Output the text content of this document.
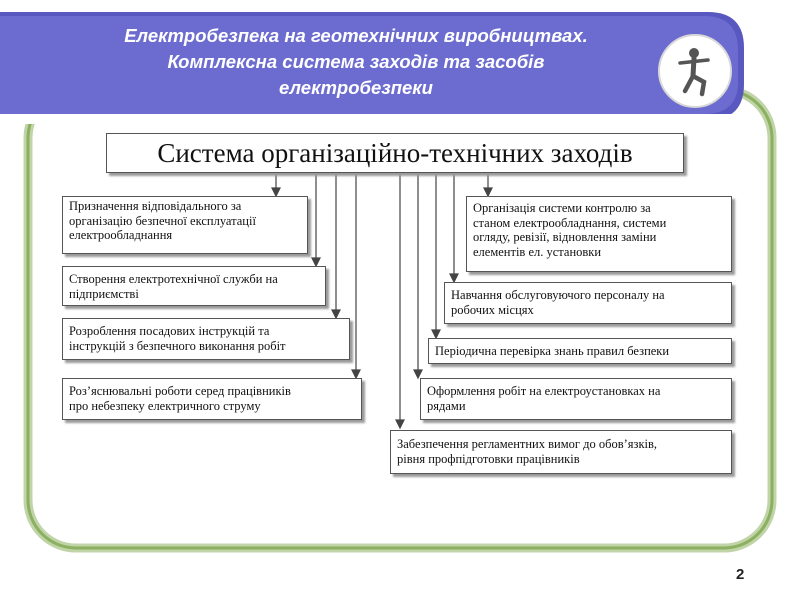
Електробезпека на геотехнічних виробництвах.
Комплексна система заходів та засобів
електробезпеки
Система організаційно-технічних заходів
Призначення відповідального за
організацію безпечної експлуатації
електрообладнання
Створення електротехнічної служби на
підприємстві
Розроблення посадових інструкцій та
інструкцій з безпечного виконання робіт
Роз’яснювальні роботи серед працівників
про небезпеку електричного струму
Організація системи контролю за
станом електрообладнання, системи
огляду, ревізії, відновлення заміни
елементів ел. установки
Навчання обслуговуючого персоналу на
робочих місцях
Періодична перевірка знань правил безпеки
Оформлення робіт на електроустановках на
рядами
Забезпечення регламентних вимог до обов’язків,
рівня профпідготовки працівників
2
